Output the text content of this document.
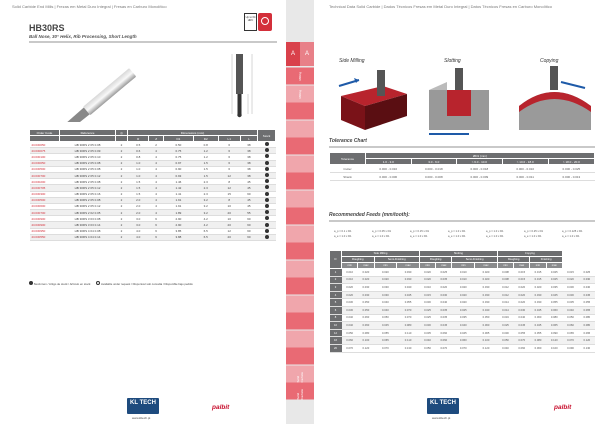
Solid Carbide End Mills | Frezas em Metal Duro Integral | Fresas en Carburo Monolítico
HB30RS
Ball Nose, 30° Helix, Rib Processing, Short Length
Up to 64 HRC
Order Code	Reference	◎	Dimensions (mm)						Stock
			R	Z	D1	D2	L1	L	
2C030050	HB 30RS 2 05 0.08	2	0.5	2	0.50	0.8	6	38	
2C030075	HB 30RS 2 05 0.09	2	0.6	4	0.75	1.2	6	38	
2C030100	HB 30RS 2 05 0.10	2	0.8	4	0.75	1.2	6	38	
2C030050	HB 30RS 2 05 0.08	2	1.0	4	0.97	1.5	6	38	
2C030500	HB 30RS 2 05 0.08	2	1.0	4	0.90	1.5	6	38	
2C030700	HB 30RS 2 05 0.12	2	1.0	4	0.93	1.5	12	38	
2C030200	HB 30RS 2 05 0.08	2	1.5	4	1.46	2.3	8	45	
2C030705	HB 30RS 2 05 0.12	2	1.5	4	1.42	2.3	12	45	
2C030300	HB 30RS 2 05 0.16	2	1.5	4	1.41	2.3	15	60	
2C030500	HB 30RS 2 05 0.08	2	2.0	4	1.91	3.2	8	45	
2C030600	HB 30RS 2 05 0.12	2	2.0	4	1.91	3.2	10	45	
2C030700	HB 30RS 2 02 0.05	2	2.0	4	1.89	3.2	20	55	
2C030900	HB 30RS 3 03 0.08	2	3.0	6	2.90	4.2	10	60	
2C030900	HB 30RS 3 03 0.14	2	3.0	6	2.90	4.2	20	60	
2C030950	HB 30RS 4 04 0.08	2	4.0	6	3.85	6.5	12	60	
2C030550	HB 30RS 4 04 0.14	2	4.0	6	3.88	6.5	20	60	
Stock item / Artigo de stock / Artículo en stock	Available under request / Disponível sob consulta / Disponible bajo pedido
KL TECH
www.kltech.pt
palbit
A	A
Milling
Milling
Solid Carbide
Solid Carbide
Technical Data Solid Carbide | Dados Técnicos Fresas em Metal Duro Integral | Datos Técnicos Fresas en Carburo Monolítico
Side Milling	Slotting	Copying
Tolerance Chart
Tolerance	ØD1 (mm)				
	1.0 - 3.0	3.0 - 6.0	> 6.0 - 10.0	> 10.0 - 18.0	> 18.0 - 20.0
Cutter	0.000 - 0.016	0.000 - 0.018	0.000 - 0.018	0.000 - 0.010	0.000 - 0.025
Shank	0.000 - 0.006	0.000 - 0.008	0.000 - 0.009	0.000 - 0.011	0.000 - 0.013
Recommended Feeds (mm/tooth):
a_p = 0.1 x D1
a_e = 1.0 x D1
a_p = 0.05 x D1
a_e = 1.0 x D1
a_p = 0.15 x D1
a_e = 1.0 x D1
a_p = 1.0 x D1
a_e = 1.0 x D1
a_p = 1.0 x D1
a_e = 1.0 x D1
a_p = 0.25 x D1
a_e = 1.0 x D1
a_p = 0.125 x D1
a_e = 1.0 x D1
D	Side Milling				Slotting				Copying					
	Roughing		Semi-Finishing		Roughing		Semi-Finishing		Roughing		Finishing			
	min	max	min	max	min	max	min	max	min	max	min	max		
1	0.010	0.020	0.020	0.030	0.020	0.025	0.010	0.020	0.008	0.015	0.015	0.025	0.015	0.025
2	0.010	0.020	0.020	0.030	0.020	0.035	0.010	0.020	0.008	0.015	0.015	0.025	0.020	0.030
3	0.020	0.030	0.030	0.040	0.010	0.020	0.020	0.030	0.012	0.020	0.020	0.035	0.030	0.040
4	0.020	0.030	0.030	0.045	0.015	0.030	0.020	0.030	0.012	0.020	0.030	0.045	0.030	0.045
5	0.030	0.050	0.040	0.055	0.030	0.040	0.020	0.030	0.014	0.020	0.030	0.055	0.035	0.055
6	0.030	0.050	0.040	0.070	0.025	0.035	0.025	0.040	0.014	0.030	0.045	0.060	0.040	0.065
8	0.040	0.060	0.050	0.070	0.025	0.035	0.035	0.050	0.019	0.040	0.060	0.080	0.050	0.080
10	0.040	0.060	0.045	0.080	0.030	0.045	0.040	0.060	0.025	0.045	0.045	0.065	0.060	0.080
12	0.050	0.080	0.055	0.110	0.035	0.060	0.045	0.065	0.030	0.055	0.055	0.090	0.065	0.095
16	0.060	0.100	0.065	0.110	0.040	0.060	0.060	0.100	0.050	0.070	0.080	0.120	0.070	0.120
20	0.070	0.120	0.070	0.130	0.050	0.070	0.070	0.120	0.040	0.060	0.060	0.100	0.090	0.130
KL TECH
www.kltech.pt
palbit
